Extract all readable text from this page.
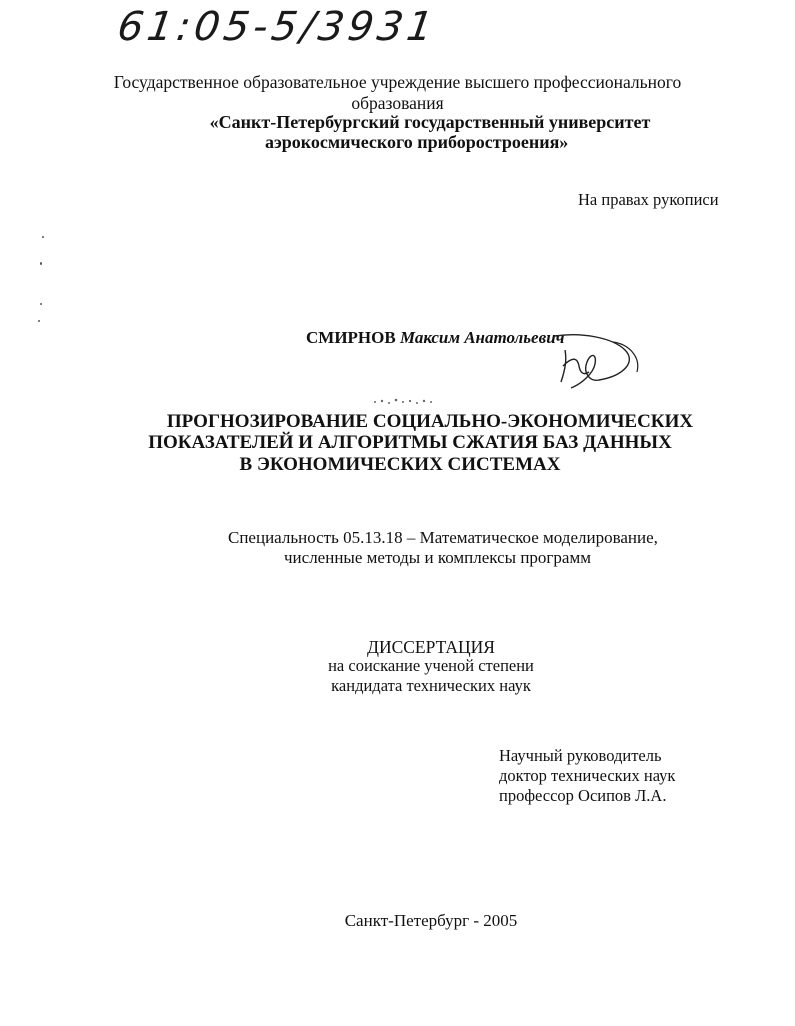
61:05-5/3931
Государственное образовательное учреждение высшего профессионального
образования
«Санкт-Петербургский государственный университет
аэрокосмического приборостроения»
На правах рукописи
СМИРНОВ Максим Анатольевич
ПРОГНОЗИРОВАНИЕ СОЦИАЛЬНО-ЭКОНОМИЧЕСКИХ
ПОКАЗАТЕЛЕЙ И АЛГОРИТМЫ СЖАТИЯ БАЗ ДАННЫХ
В ЭКОНОМИЧЕСКИХ СИСТЕМАХ
Специальность 05.13.18 – Математическое моделирование,
численные методы и комплексы программ
ДИССЕРТАЦИЯ
на соискание ученой степени
кандидата технических наук
Научный руководитель
доктор технических наук
профессор Осипов Л.А.
Санкт-Петербург - 2005
